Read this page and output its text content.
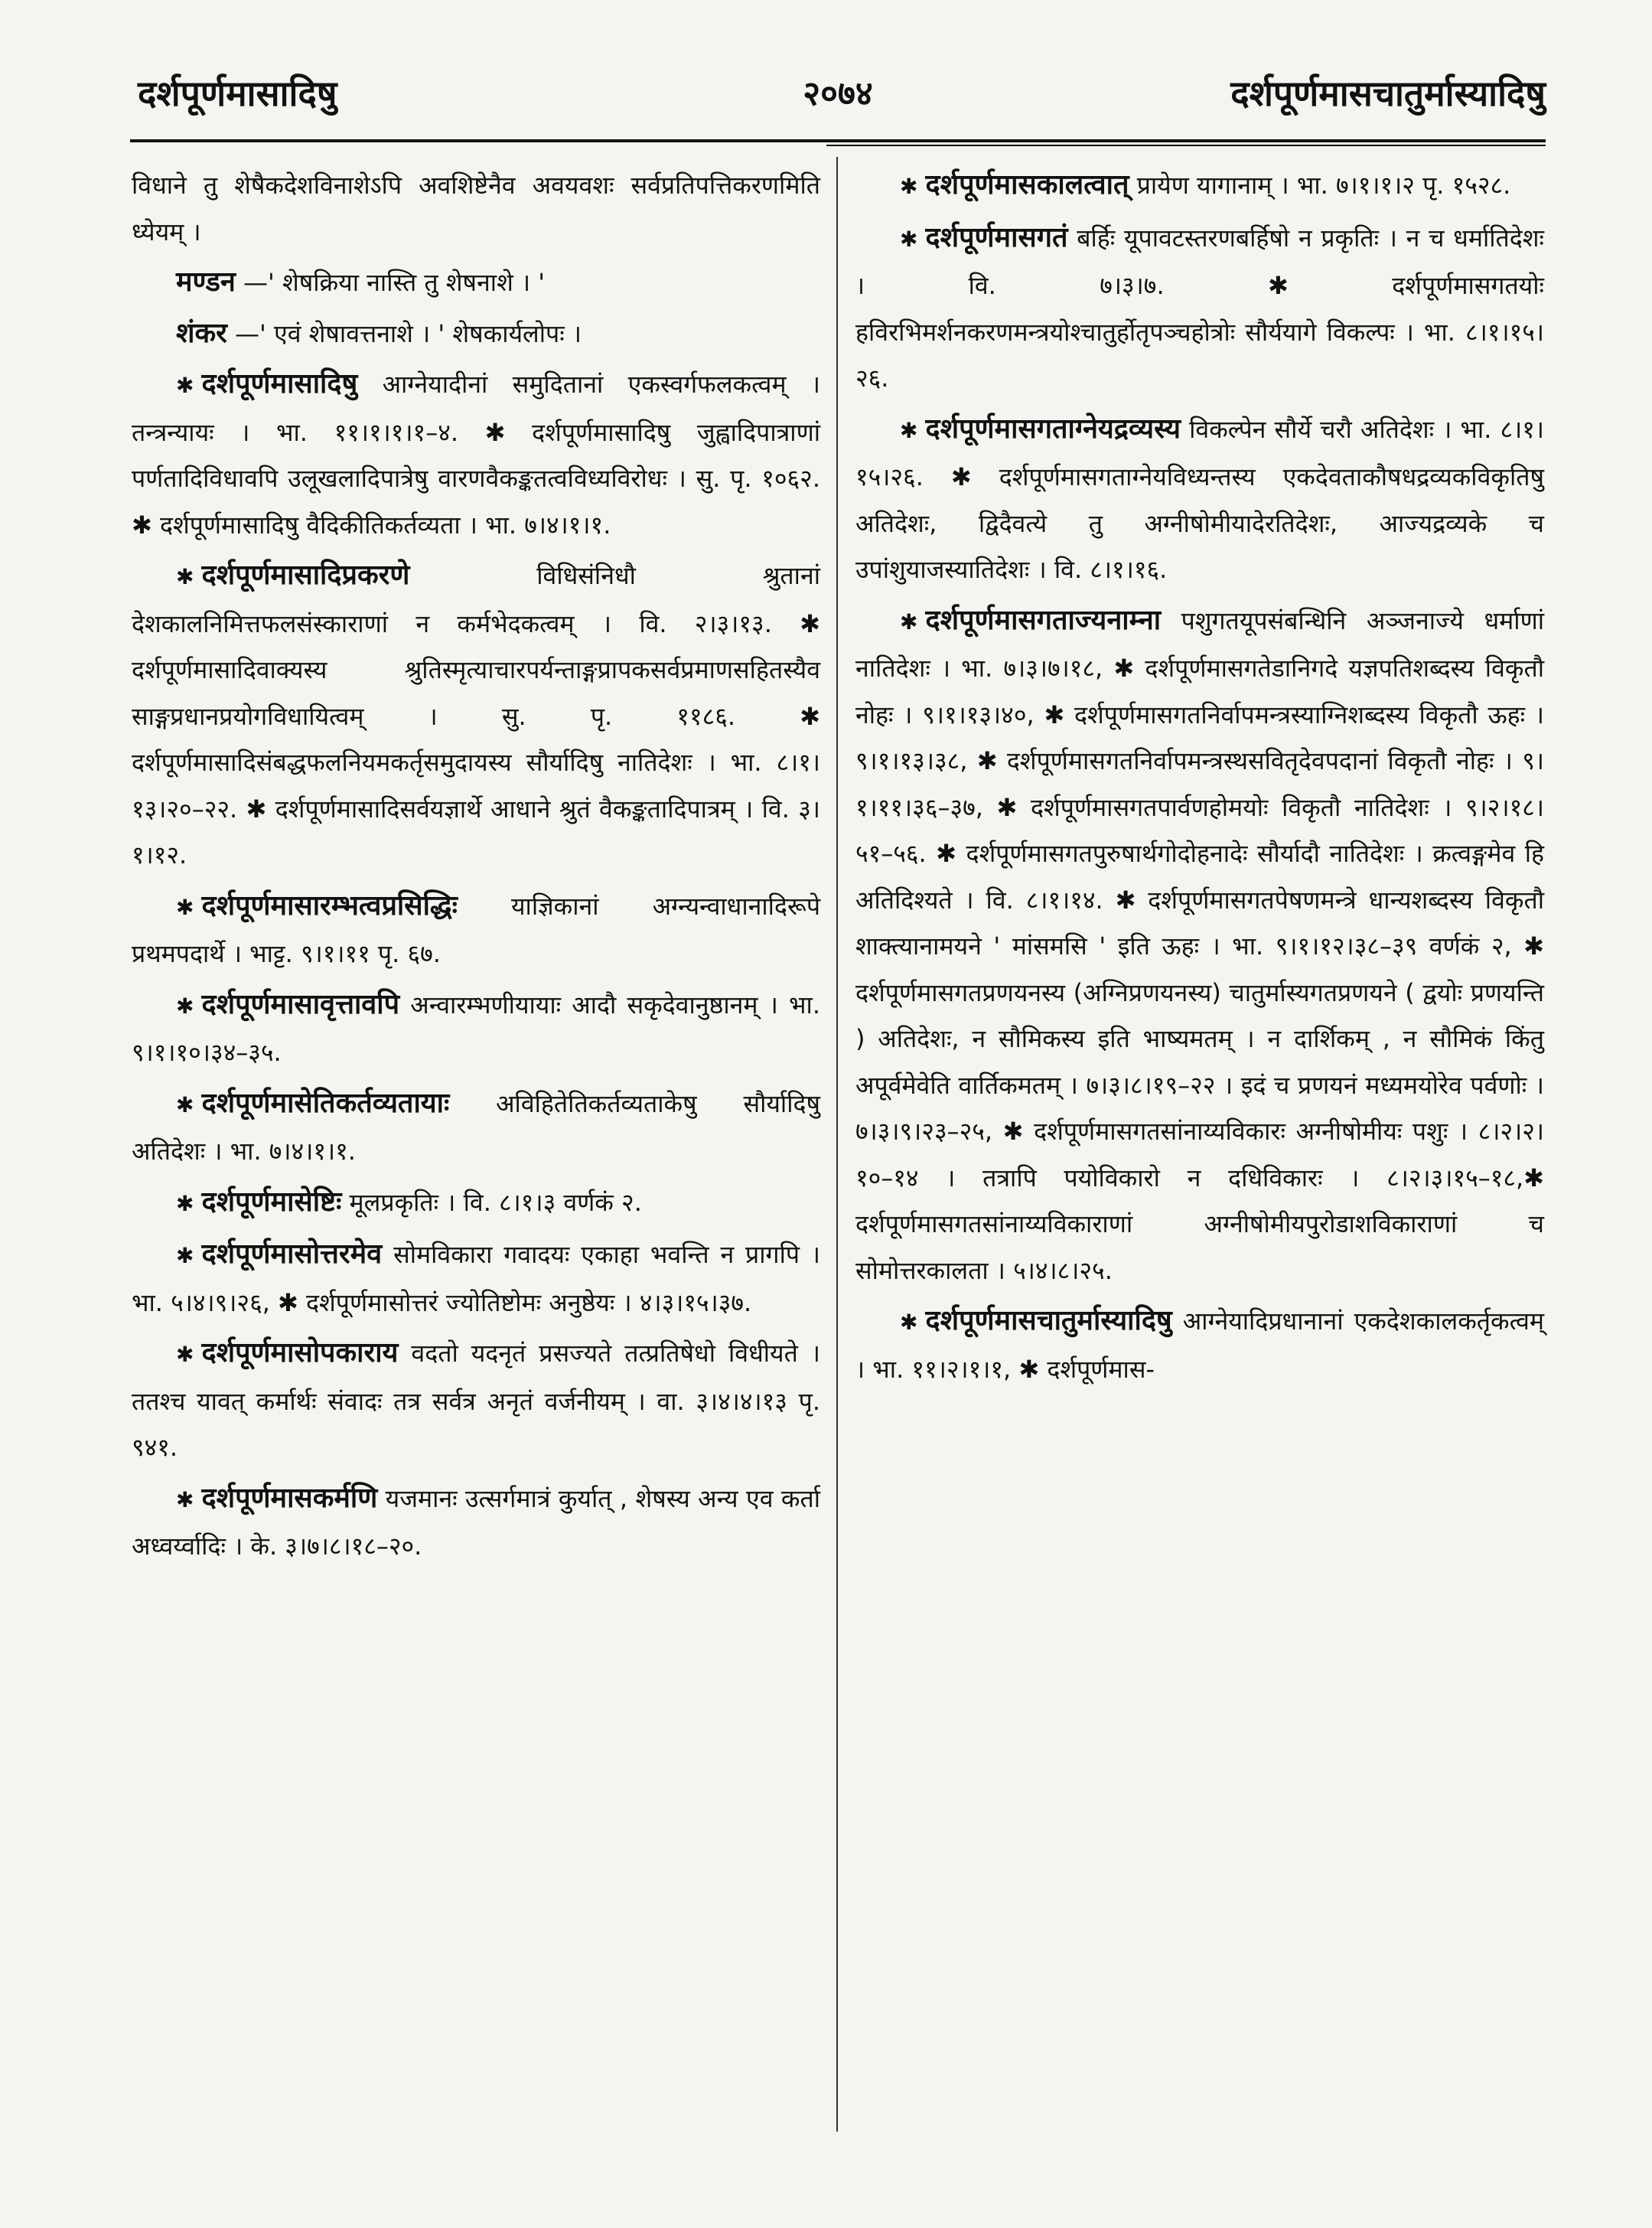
दर्शपूर्णमासादिषु	२०७४	दर्शपूर्णमासचातुर्मास्यादिषु

विधाने तु शेषैकदेशविनाशेऽपि अवशिष्टेनैव अवयवशः सर्वप्रतिपत्तिकरणमिति ध्येयम् ।

मण्डन —' शेषक्रिया नास्ति तु शेषनाशे । '

शंकर —' एवं शेषावत्तनाशे । ' शेषकार्यलोपः ।

✱ दर्शपूर्णमासादिषु आग्नेयादीनां समुदितानां एकस्वर्गफलकत्वम् । तन्त्रन्यायः । भा. ११।१।१।१–४. ✱ दर्शपूर्णमासादिषु जुह्वादिपात्राणां पर्णतादिविधावपि उलूखलादिपात्रेषु वारणवैकङ्कतत्वविध्यविरोधः । सु. पृ. १०६२. ✱ दर्शपूर्णमासादिषु वैदिकीतिकर्तव्यता । भा. ७।४।१।१.

✱ दर्शपूर्णमासादिप्रकरणे	विधिसंनिधौ श्रुतानां देशकालनिमित्तफलसंस्काराणां न कर्मभेदकत्वम् । वि. २।३।१३. ✱ दर्शपूर्णमासादिवाक्यस्य श्रुतिस्मृत्याचारपर्यन्ताङ्गप्रापकसर्वप्रमाणसहितस्यैव साङ्गप्रधानप्रयोगविधायित्वम् । सु. पृ. ११८६. ✱ दर्शपूर्णमासादिसंबद्धफलनियमकर्तृसमुदायस्य सौर्यादिषु नातिदेशः । भा. ८।१।१३।२०–२२. ✱ दर्शपूर्णमासादिसर्वयज्ञार्थे आधाने श्रुतं वैकङ्कतादिपात्रम् । वि. ३।१।१२.

✱ दर्शपूर्णमासारम्भत्वप्रसिद्धिः याज्ञिकानां अग्न्यन्वाधानादिरूपे प्रथमपदार्थे । भाट्ट. ९।१।११ पृ. ६७.

✱ दर्शपूर्णमासावृत्तावपि अन्वारम्भणीयायाः आदौ सकृदेवानुष्ठानम् । भा. ९।१।१०।३४–३५.

✱ दर्शपूर्णमासेतिकर्तव्यतायाः अविहितेतिकर्तव्यताकेषु सौर्यादिषु अतिदेशः । भा. ७।४।१।१.

✱ दर्शपूर्णमासेष्टिः मूलप्रकृतिः । वि. ८।१।३ वर्णकं २.

✱ दर्शपूर्णमासोत्तरमेव सोमविकारा गवादयः एकाहा भवन्ति न प्रागपि । भा. ५।४।९।२६, ✱ दर्शपूर्णमासोत्तरं ज्योतिष्टोमः अनुष्ठेयः । ४।३।१५।३७.

✱ दर्शपूर्णमासोपकाराय वदतो यदनृतं प्रसज्यते तत्प्रतिषेधो विधीयते । ततश्च यावत् कर्मार्थः संवादः तत्र सर्वत्र अनृतं वर्जनीयम् । वा. ३।४।४।१३ पृ. ९४१.

✱ दर्शपूर्णमासकर्मणि यजमानः उत्सर्गमात्रं कुर्यात् , शेषस्य अन्य एव कर्ता अध्वर्य्वादिः । के. ३।७।८।१८–२०.

✱ दर्शपूर्णमासकालत्वात् प्रायेण यागानाम् । भा. ७।१।१।२ पृ. १५२८.

✱ दर्शपूर्णमासगतं बर्हिः यूपावटस्तरणबर्हिषो न प्रकृतिः । न च धर्मातिदेशः । वि. ७।३।७. ✱ दर्शपूर्णमासगतयोः हविरभिमर्शनकरणमन्त्रयोश्चातुर्होतृपञ्चहोत्रोः सौर्ययागे विकल्पः । भा. ८।१।१५।२६.

✱ दर्शपूर्णमासगताग्नेयद्रव्यस्य विकल्पेन सौर्ये चरौ अतिदेशः । भा. ८।१।१५।२६. ✱ दर्शपूर्णमासगताग्नेयविध्यन्तस्य एकदेवताकौषधद्रव्यकविकृतिषु अतिदेशः, द्विदैवत्ये तु अग्नीषोमीयादेरतिदेशः, आज्यद्रव्यके च उपांशुयाजस्यातिदेशः । वि. ८।१।१६.

✱ दर्शपूर्णमासगताज्यनाम्ना पशुगतयूपसंबन्धिनि अञ्जनाज्ये धर्माणां नातिदेशः । भा. ७।३।७।१८, ✱ दर्शपूर्णमासगतेडानिगदे यज्ञपतिशब्दस्य विकृतौ नोहः । ९।१।१३।४०, ✱ दर्शपूर्णमासगतनिर्वापमन्त्रस्याग्निशब्दस्य विकृतौ ऊहः । ९।१।१३।३८, ✱ दर्शपूर्णमासगतनिर्वापमन्त्रस्थसवितृदेवपदानां विकृतौ नोहः । ९।१।११।३६–३७, ✱ दर्शपूर्णमासगतपार्वणहोमयोः विकृतौ नातिदेशः । ९।२।१८।५१–५६. ✱ दर्शपूर्णमासगतपुरुषार्थगोदोहनादेः सौर्यादौ नातिदेशः । क्रत्वङ्गमेव हि अतिदिश्यते । वि. ८।१।१४. ✱ दर्शपूर्णमासगतपेषणमन्त्रे धान्यशब्दस्य विकृतौ शाक्त्यानामयने ' मांसमसि ' इति ऊहः । भा. ९।१।१२।३८–३९ वर्णकं २, ✱ दर्शपूर्णमासगतप्रणयनस्य (अग्निप्रणयनस्य) चातुर्मास्यगतप्रणयने ( द्वयोः प्रणयन्ति ) अतिदेशः, न सौमिकस्य इति भाष्यमतम् । न दार्शिकम् , न सौमिकं किंतु अपूर्वमेवेति वार्तिकमतम् । ७।३।८।१९–२२ । इदं च प्रणयनं मध्यमयोरेव पर्वणोः । ७।३।९।२३–२५, ✱ दर्शपूर्णमासगतसांनाय्यविकारः अग्नीषोमीयः पशुः । ८।२।२।१०–१४ । तत्रापि पयोविकारो न दधिविकारः । ८।२।३।१५–१८,✱ दर्शपूर्णमासगतसांनाय्यविकाराणां अग्नीषोमीयपुरोडाशविकाराणां च सोमोत्तरकालता । ५।४।८।२५.

✱ दर्शपूर्णमासचातुर्मास्यादिषु आग्नेयादिप्रधानानां एकदेशकालकर्तृकत्वम् । भा. ११।२।१।१, ✱ दर्शपूर्णमास-
